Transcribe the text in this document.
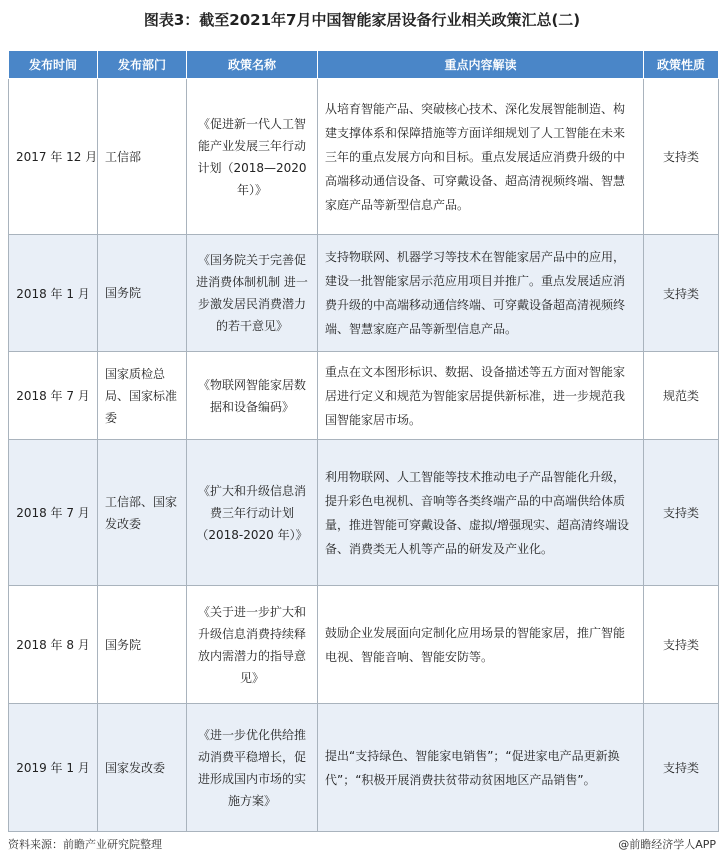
图表3：截至2021年7月中国智能家居设备行业相关政策汇总(二)
发布时间	发布部门	政策名称	重点内容解读	政策性质
2017 年 12 月	工信部	《促进新一代人工智能产业发展三年行动计划（2018—2020年）》	从培育智能产品、突破核心技术、深化发展智能制造、构建支撑体系和保障措施等方面详细规划了人工智能在未来三年的重点发展方向和目标。重点发展适应消费升级的中高端移动通信设备、可穿戴设备、超高清视频终端、智慧家庭产品等新型信息产品。	支持类
2018 年 1 月	国务院	《国务院关于完善促进消费体制机制 进一步激发居民消费潜力的若干意见》	支持物联网、机器学习等技术在智能家居产品中的应用，建设一批智能家居示范应用项目并推广。重点发展适应消费升级的中高端移动通信终端、可穿戴设备超高清视频终端、智慧家庭产品等新型信息产品。	支持类
2018 年 7 月	国家质检总局、国家标准委	《物联网智能家居数据和设备编码》	重点在文本图形标识、数据、设备描述等五方面对智能家居进行定义和规范为智能家居提供新标准，进一步规范我国智能家居市场。	规范类
2018 年 7 月	工信部、国家发改委	《扩大和升级信息消费三年行动计划（2018-2020 年）》	利用物联网、人工智能等技术推动电子产品智能化升级，提升彩色电视机、音响等各类终端产品的中高端供给体质量，推进智能可穿戴设备、虚拟/增强现实、超高清终端设备、消费类无人机等产品的研发及产业化。	支持类
2018 年 8 月	国务院	《关于进一步扩大和升级信息消费持续释放内需潜力的指导意见》	鼓励企业发展面向定制化应用场景的智能家居，推广智能电视、智能音响、智能安防等。	支持类
2019 年 1 月	国家发改委	《进一步优化供给推动消费平稳增长，促进形成国内市场的实施方案》	提出“支持绿色、智能家电销售”；“促进家电产品更新换代”；“积极开展消费扶贫带动贫困地区产品销售”。	支持类
资料来源：前瞻产业研究院整理	@前瞻经济学人APP
